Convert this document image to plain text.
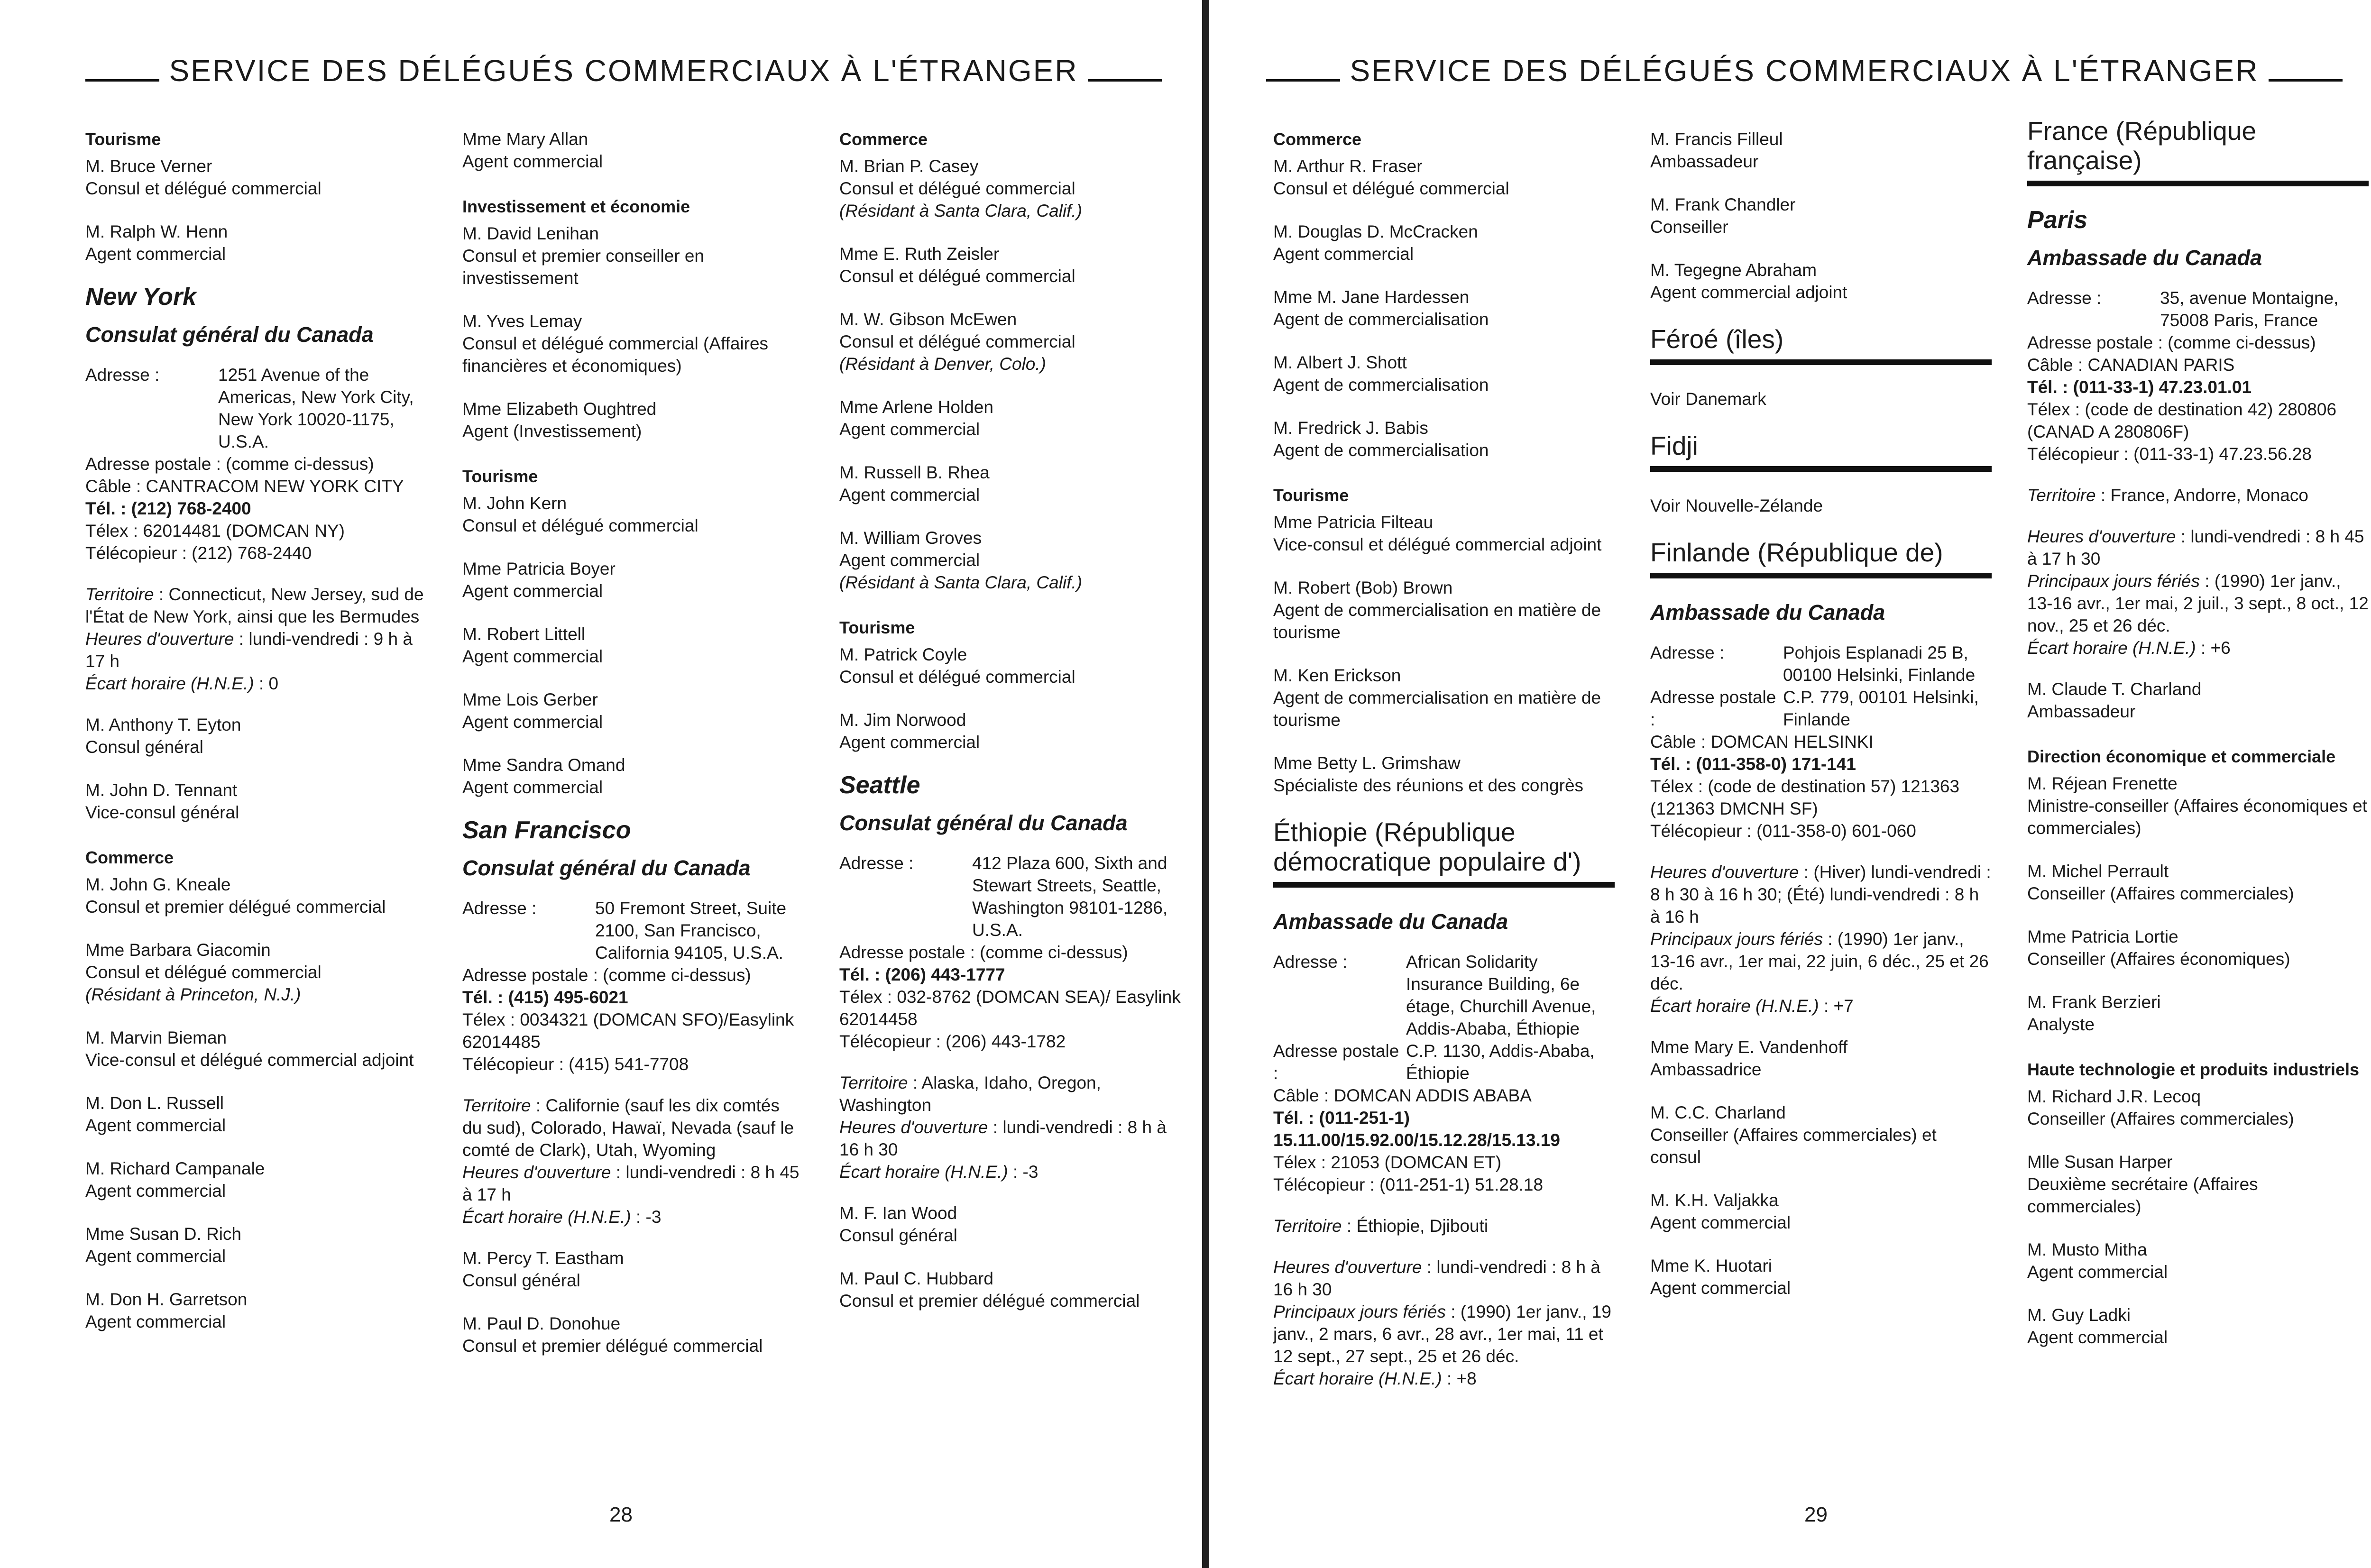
SERVICE DES DÉLÉGUÉS COMMERCIAUX À L'ÉTRANGER
Tourisme
M. Bruce Verner
Consul et délégué commercial
M. Ralph W. Henn
Agent commercial
New York
Consulat général du Canada
Adresse :	1251 Avenue of the Americas, New York City, New York 10020-1175, U.S.A.
Adresse postale : (comme ci-dessus)
Câble : CANTRACOM NEW YORK CITY
Tél. : (212) 768-2400
Télex : 62014481 (DOMCAN NY)
Télécopieur : (212) 768-2440
Territoire : Connecticut, New Jersey, sud de l'État de New York, ainsi que les Bermudes
Heures d'ouverture : lundi-vendredi : 9 h à 17 h
Écart horaire (H.N.E.) : 0
M. Anthony T. Eyton
Consul général
M. John D. Tennant
Vice-consul général
Commerce
M. John G. Kneale
Consul et premier délégué commercial
Mme Barbara Giacomin
Consul et délégué commercial
(Résidant à Princeton, N.J.)
M. Marvin Bieman
Vice-consul et délégué commercial adjoint
M. Don L. Russell
Agent commercial
M. Richard Campanale
Agent commercial
Mme Susan D. Rich
Agent commercial
M. Don H. Garretson
Agent commercial
Mme Mary Allan
Agent commercial
Investissement et économie
M. David Lenihan
Consul et premier conseiller en investissement
M. Yves Lemay
Consul et délégué commercial (Affaires financières et économiques)
Mme Elizabeth Oughtred
Agent (Investissement)
Tourisme
M. John Kern
Consul et délégué commercial
Mme Patricia Boyer
Agent commercial
M. Robert Littell
Agent commercial
Mme Lois Gerber
Agent commercial
Mme Sandra Omand
Agent commercial
San Francisco
Consulat général du Canada
Adresse :	50 Fremont Street, Suite 2100, San Francisco, California 94105, U.S.A.
Adresse postale : (comme ci-dessus)
Tél. : (415) 495-6021
Télex : 0034321 (DOMCAN SFO)/Easylink 62014485
Télécopieur : (415) 541-7708
Territoire : Californie (sauf les dix comtés du sud), Colorado, Hawaï, Nevada (sauf le comté de Clark), Utah, Wyoming
Heures d'ouverture : lundi-vendredi : 8 h 45 à 17 h
Écart horaire (H.N.E.) : -3
M. Percy T. Eastham
Consul général
M. Paul D. Donohue
Consul et premier délégué commercial
Commerce
M. Brian P. Casey
Consul et délégué commercial
(Résidant à Santa Clara, Calif.)
Mme E. Ruth Zeisler
Consul et délégué commercial
M. W. Gibson McEwen
Consul et délégué commercial
(Résidant à Denver, Colo.)
Mme Arlene Holden
Agent commercial
M. Russell B. Rhea
Agent commercial
M. William Groves
Agent commercial
(Résidant à Santa Clara, Calif.)
Tourisme
M. Patrick Coyle
Consul et délégué commercial
M. Jim Norwood
Agent commercial
Seattle
Consulat général du Canada
Adresse :	412 Plaza 600, Sixth and Stewart Streets, Seattle, Washington 98101-1286, U.S.A.
Adresse postale : (comme ci-dessus)
Tél. : (206) 443-1777
Télex : 032-8762 (DOMCAN SEA)/ Easylink 62014458
Télécopieur : (206) 443-1782
Territoire : Alaska, Idaho, Oregon, Washington
Heures d'ouverture : lundi-vendredi : 8 h à 16 h 30
Écart horaire (H.N.E.) : -3
M. F. Ian Wood
Consul général
M. Paul C. Hubbard
Consul et premier délégué commercial
28
SERVICE DES DÉLÉGUÉS COMMERCIAUX À L'ÉTRANGER
Commerce
M. Arthur R. Fraser
Consul et délégué commercial
M. Douglas D. McCracken
Agent commercial
Mme M. Jane Hardessen
Agent de commercialisation
M. Albert J. Shott
Agent de commercialisation
M. Fredrick J. Babis
Agent de commercialisation
Tourisme
Mme Patricia Filteau
Vice-consul et délégué commercial adjoint
M. Robert (Bob) Brown
Agent de commercialisation en matière de tourisme
M. Ken Erickson
Agent de commercialisation en matière de tourisme
Mme Betty L. Grimshaw
Spécialiste des réunions et des congrès
Éthiopie (République démocratique populaire d')
Ambassade du Canada
Adresse :	African Solidarity Insurance Building, 6e étage, Churchill Avenue, Addis-Ababa, Éthiopie
Adresse postale :
C.P. 1130, Addis-Ababa, Éthiopie
Câble : DOMCAN ADDIS ABABA
Tél. : (011-251-1) 15.11.00/15.92.00/15.12.28/15.13.19
Télex : 21053 (DOMCAN ET)
Télécopieur : (011-251-1) 51.28.18
Territoire : Éthiopie, Djibouti
Heures d'ouverture : lundi-vendredi : 8 h à 16 h 30
Principaux jours fériés : (1990) 1er janv., 19 janv., 2 mars, 6 avr., 28 avr., 1er mai, 11 et 12 sept., 27 sept., 25 et 26 déc.
Écart horaire (H.N.E.) : +8
M. Francis Filleul
Ambassadeur
M. Frank Chandler
Conseiller
M. Tegegne Abraham
Agent commercial adjoint
Féroé (îles)
Voir Danemark
Fidji
Voir Nouvelle-Zélande
Finlande (République de)
Ambassade du Canada
Adresse :	Pohjois Esplanadi 25 B, 00100 Helsinki, Finlande
Adresse postale :
C.P. 779, 00101 Helsinki, Finlande
Câble : DOMCAN HELSINKI
Tél. : (011-358-0) 171-141
Télex : (code de destination 57) 121363 (121363 DMCNH SF)
Télécopieur : (011-358-0) 601-060
Heures d'ouverture : (Hiver) lundi-vendredi : 8 h 30 à 16 h 30; (Été) lundi-vendredi : 8 h à 16 h
Principaux jours fériés : (1990) 1er janv., 13-16 avr., 1er mai, 22 juin, 6 déc., 25 et 26 déc.
Écart horaire (H.N.E.) : +7
Mme Mary E. Vandenhoff
Ambassadrice
M. C.C. Charland
Conseiller (Affaires commerciales) et consul
M. K.H. Valjakka
Agent commercial
Mme K. Huotari
Agent commercial
France (République française)
Paris
Ambassade du Canada
Adresse :	35, avenue Montaigne, 75008 Paris, France
Adresse postale : (comme ci-dessus)
Câble : CANADIAN PARIS
Tél. : (011-33-1) 47.23.01.01
Télex : (code de destination 42) 280806 (CANAD A 280806F)
Télécopieur : (011-33-1) 47.23.56.28
Territoire : France, Andorre, Monaco
Heures d'ouverture : lundi-vendredi : 8 h 45 à 17 h 30
Principaux jours fériés : (1990) 1er janv., 13-16 avr., 1er mai, 2 juil., 3 sept., 8 oct., 12 nov., 25 et 26 déc.
Écart horaire (H.N.E.) : +6
M. Claude T. Charland
Ambassadeur
Direction économique et commerciale
M. Réjean Frenette
Ministre-conseiller (Affaires économiques et commerciales)
M. Michel Perrault
Conseiller (Affaires commerciales)
Mme Patricia Lortie
Conseiller (Affaires économiques)
M. Frank Berzieri
Analyste
Haute technologie et produits industriels
M. Richard J.R. Lecoq
Conseiller (Affaires commerciales)
Mlle Susan Harper
Deuxième secrétaire (Affaires commerciales)
M. Musto Mitha
Agent commercial
M. Guy Ladki
Agent commercial
29
